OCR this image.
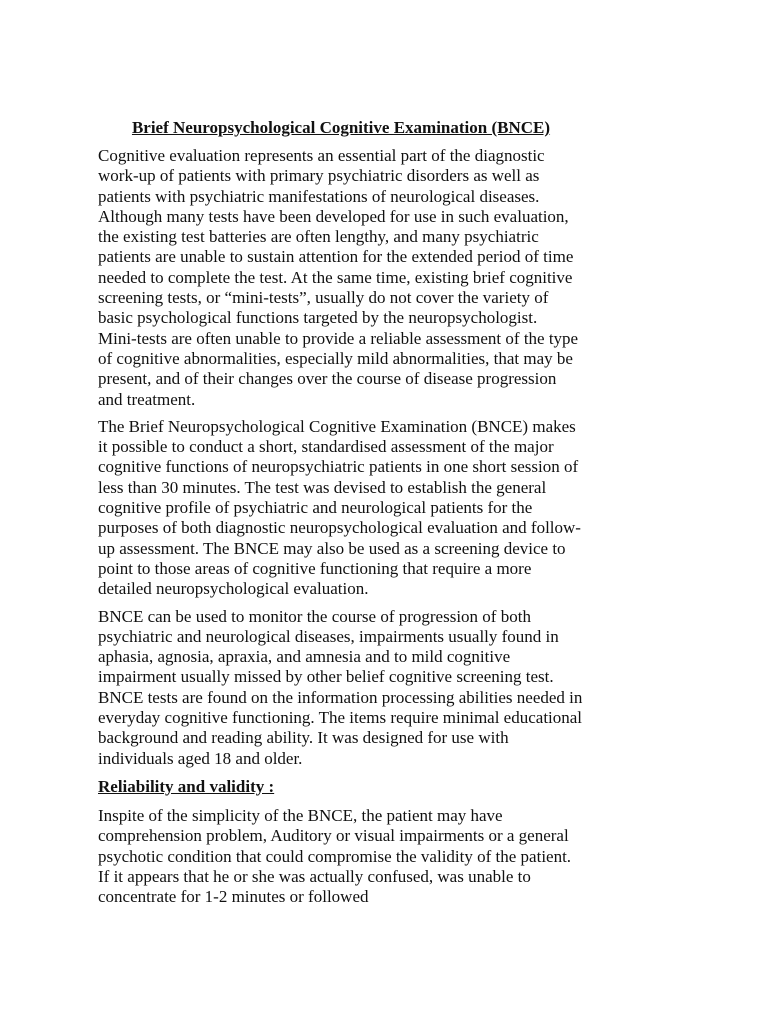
Brief Neuropsychological Cognitive Examination (BNCE)

Cognitive evaluation represents an essential part of the diagnostic work-up of patients with primary psychiatric disorders as well as patients with psychiatric manifestations of neurological diseases. Although many tests have been developed for use in such evaluation, the existing test batteries are often lengthy, and many psychiatric patients are unable to sustain attention for the extended period of time needed to complete the test. At the same time, existing brief cognitive screening tests, or “mini-tests”, usually do not cover the variety of basic psychological functions targeted by the neuropsychologist.

Mini-tests are often unable to provide a reliable assessment of the type of cognitive abnormalities, especially mild abnormalities, that may be present, and of their changes over the course of disease progression and treatment.

The Brief Neuropsychological Cognitive Examination (BNCE) makes it possible to conduct a short, standardised assessment of the major cognitive functions of neuropsychiatric patients in one short session of less than 30 minutes. The test was devised to establish the general cognitive profile of psychiatric and neurological patients for the purposes of both diagnostic neuropsychological evaluation and follow-up assessment. The BNCE may also be used as a screening device to point to those areas of cognitive functioning that require a more detailed neuropsychological evaluation.

BNCE can be used to monitor the course of progression of both psychiatric and neurological diseases, impairments usually found in aphasia, agnosia, apraxia, and amnesia and to mild cognitive impairment usually missed by other belief cognitive screening test. BNCE tests are found on the information processing abilities needed in everyday cognitive functioning. The items require minimal educational background and reading ability. It was designed for use with individuals aged 18 and older.

Reliability and validity :

Inspite of the simplicity of the BNCE, the patient may have comprehension problem, Auditory or visual impairments or a general psychotic condition that could compromise the validity of the patient. If it appears that he or she was actually confused, was unable to concentrate for 1-2 minutes or followed
